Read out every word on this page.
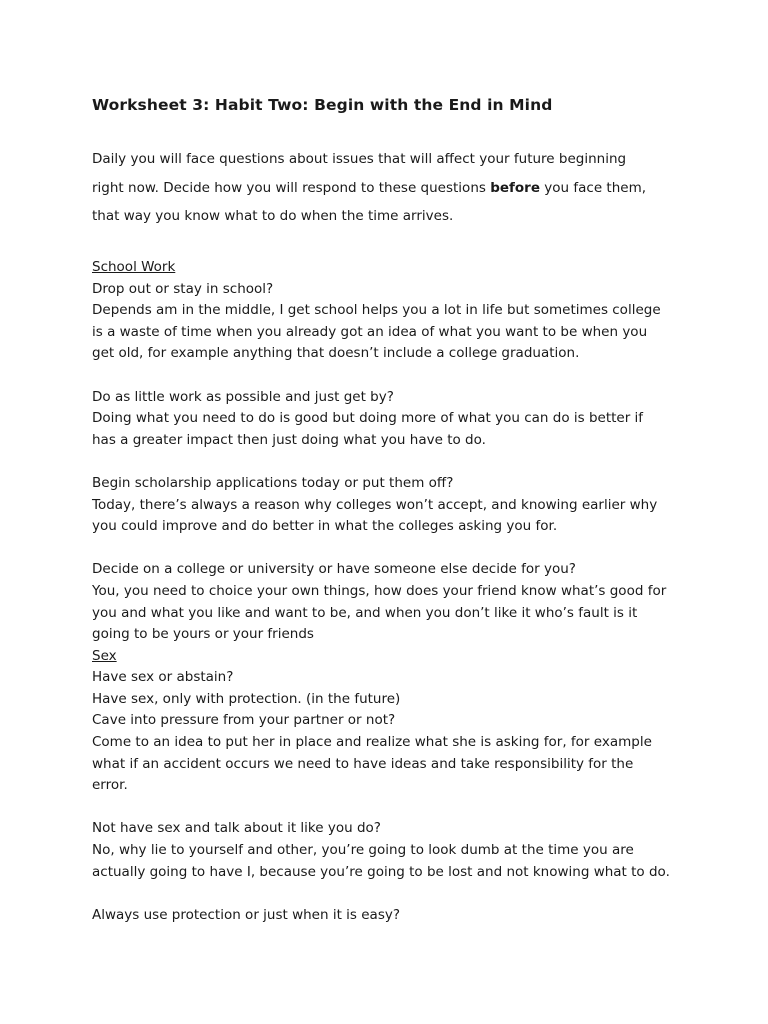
Worksheet 3: Habit Two: Begin with the End in Mind
Daily you will face questions about issues that will affect your future beginning
right now. Decide how you will respond to these questions before you face them,
that way you know what to do when the time arrives.
School Work
Drop out or stay in school?
Depends am in the middle, I get school helps you a lot in life but sometimes college
is a waste of time when you already got an idea of what you want to be when you
get old, for example anything that doesn’t include a college graduation.
Do as little work as possible and just get by?
Doing what you need to do is good but doing more of what you can do is better if
has a greater impact then just doing what you have to do.
Begin scholarship applications today or put them off?
Today, there’s always a reason why colleges won’t accept, and knowing earlier why
you could improve and do better in what the colleges asking you for.
Decide on a college or university or have someone else decide for you?
You, you need to choice your own things, how does your friend know what’s good for
you and what you like and want to be, and when you don’t like it who’s fault is it
going to be yours or your friends
Sex
Have sex or abstain?
Have sex, only with protection. (in the future)
Cave into pressure from your partner or not?
Come to an idea to put her in place and realize what she is asking for, for example
what if an accident occurs we need to have ideas and take responsibility for the
error.
Not have sex and talk about it like you do?
No, why lie to yourself and other, you’re going to look dumb at the time you are
actually going to have I, because you’re going to be lost and not knowing what to do.
Always use protection or just when it is easy?
